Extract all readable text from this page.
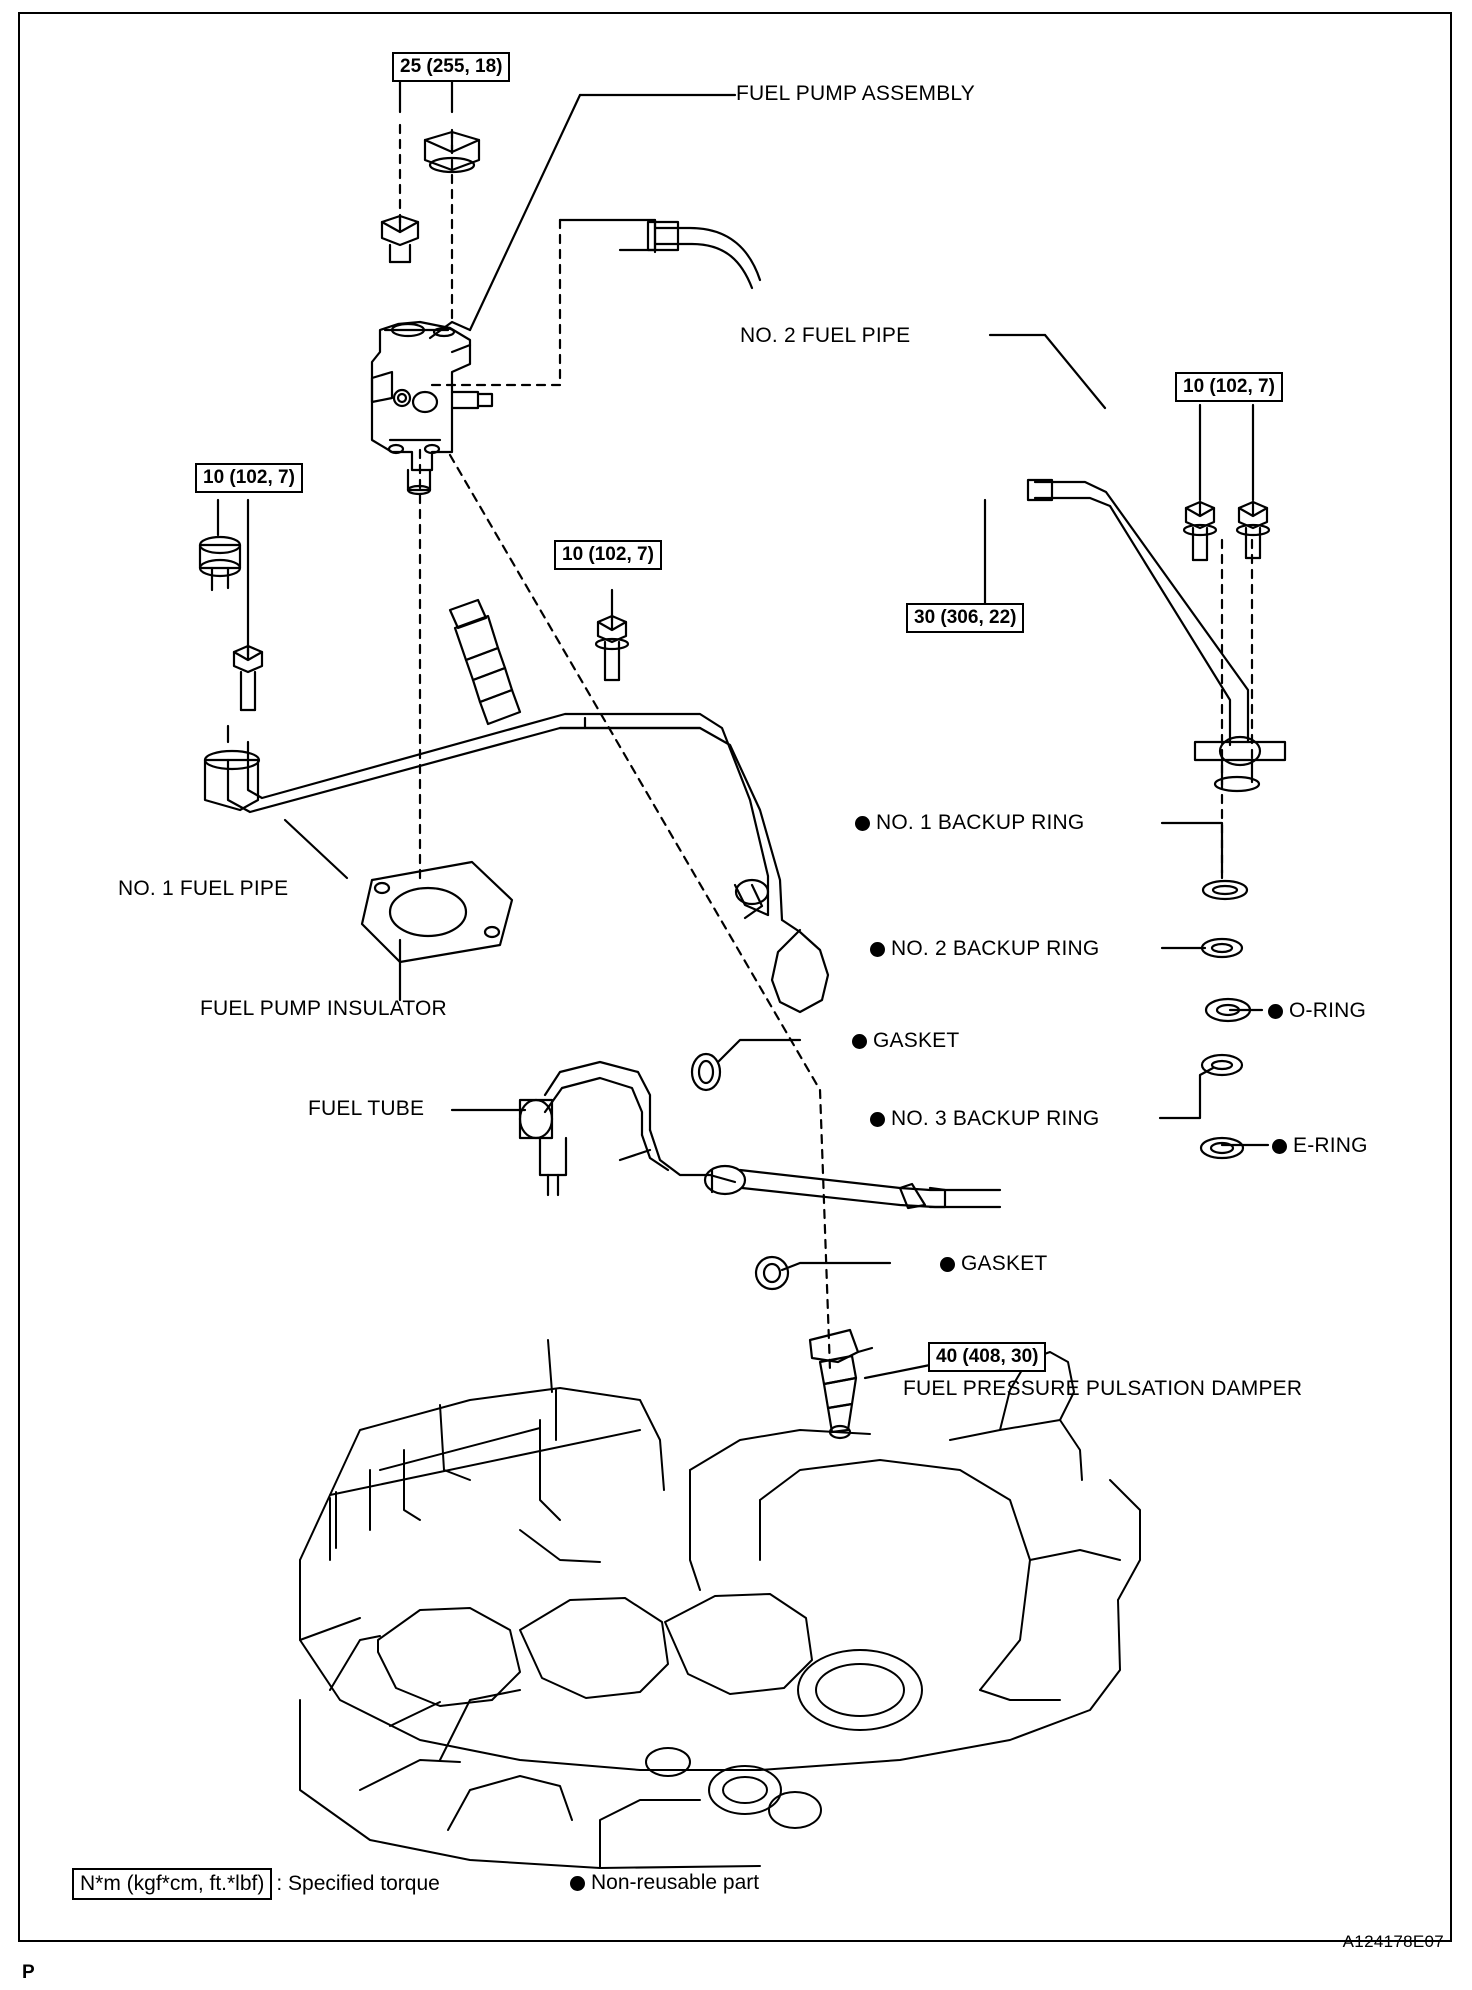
25 (255, 18)
10 (102, 7)
10 (102, 7)
10 (102, 7)
30 (306, 22)
40 (408, 30)
FUEL PUMP ASSEMBLY
NO. 2 FUEL PIPE
NO. 1 FUEL PIPE
FUEL PUMP INSULATOR
FUEL TUBE
GASKET
GASKET
NO. 1 BACKUP RING
NO. 2 BACKUP RING
NO. 3 BACKUP RING
O-RING
E-RING
FUEL PRESSURE PULSATION DAMPER
N*m (kgf*cm, ft.*lbf) : Specified torque	Non-reusable part
A124178E07
P
